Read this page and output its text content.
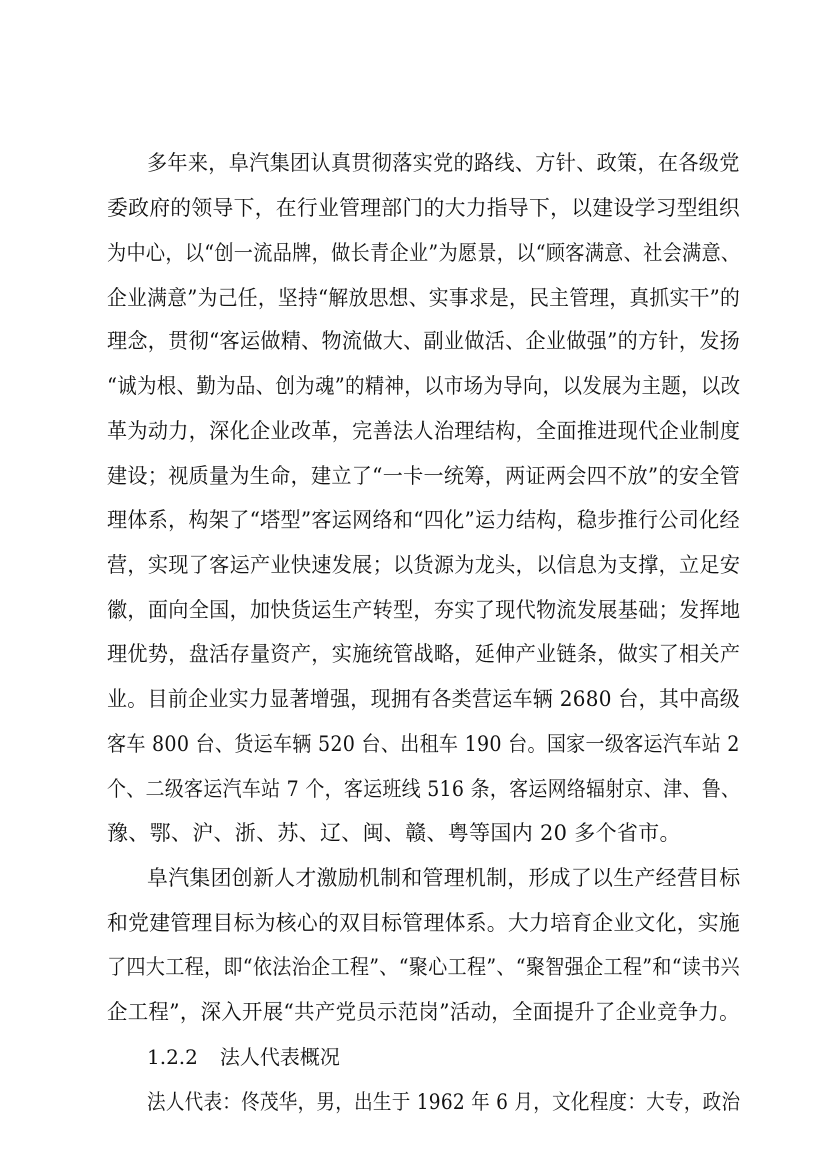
多年来，阜汽集团认真贯彻落实党的路线、方针、政策，在各级党
委政府的领导下，在行业管理部门的大力指导下，以建设学习型组织
为中心，以“创一流品牌，做长青企业”为愿景，以“顾客满意、社会满意、
企业满意”为己任，坚持“解放思想、实事求是，民主管理，真抓实干”的
理念，贯彻“客运做精、物流做大、副业做活、企业做强”的方针，发扬
“诚为根、勤为品、创为魂”的精神，以市场为导向，以发展为主题，以改
革为动力，深化企业改革，完善法人治理结构，全面推进现代企业制度
建设；视质量为生命，建立了“一卡一统筹，两证两会四不放”的安全管
理体系，构架了“塔型”客运网络和“四化”运力结构，稳步推行公司化经
营，实现了客运产业快速发展；以货源为龙头，以信息为支撑，立足安
徽，面向全国，加快货运生产转型，夯实了现代物流发展基础；发挥地
理优势，盘活存量资产，实施统管战略，延伸产业链条，做实了相关产
业。目前企业实力显著增强，现拥有各类营运车辆 2680 台，其中高级
客车 800 台、货运车辆 520 台、出租车 190 台。国家一级客运汽车站 2
个、二级客运汽车站 7 个，客运班线 516 条，客运网络辐射京、津、鲁、
豫、鄂、沪、浙、苏、辽、闽、赣、粤等国内 20 多个省市。
阜汽集团创新人才激励机制和管理机制，形成了以生产经营目标
和党建管理目标为核心的双目标管理体系。大力培育企业文化，实施
了四大工程，即“依法治企工程”、“聚心工程”、“聚智强企工程”和“读书兴
企工程”，深入开展“共产党员示范岗”活动，全面提升了企业竞争力。
1.2.2 法人代表概况
法人代表：佟茂华，男，出生于 1962 年 6 月，文化程度：大专，政治
